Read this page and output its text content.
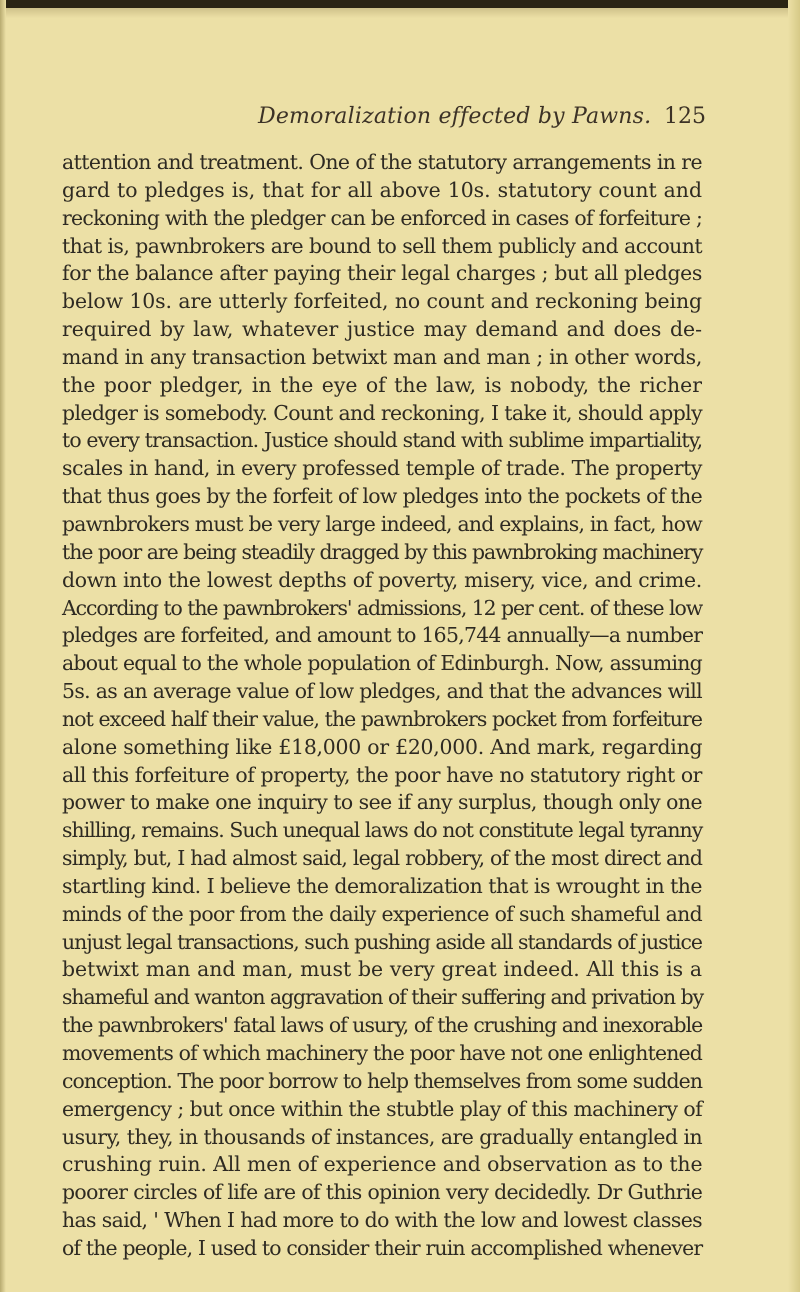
Demoralization effected by Pawns. 125
attention and treatment. One of the statutory arrangements in re
gard to pledges is, that for all above 10s. statutory count and
reckoning with the pledger can be enforced in cases of forfeiture ;
that is, pawnbrokers are bound to sell them publicly and account
for the balance after paying their legal charges ; but all pledges
below 10s. are utterly forfeited, no count and reckoning being
required by law, whatever justice may demand and does de-
mand in any transaction betwixt man and man ; in other words,
the poor pledger, in the eye of the law, is nobody, the richer
pledger is somebody. Count and reckoning, I take it, should apply
to every transaction. Justice should stand with sublime impartiality,
scales in hand, in every professed temple of trade. The property
that thus goes by the forfeit of low pledges into the pockets of the
pawnbrokers must be very large indeed, and explains, in fact, how
the poor are being steadily dragged by this pawnbroking machinery
down into the lowest depths of poverty, misery, vice, and crime.
According to the pawnbrokers' admissions, 12 per cent. of these low
pledges are forfeited, and amount to 165,744 annually—a number
about equal to the whole population of Edinburgh. Now, assuming
5s. as an average value of low pledges, and that the advances will
not exceed half their value, the pawnbrokers pocket from forfeiture
alone something like £18,000 or £20,000. And mark, regarding
all this forfeiture of property, the poor have no statutory right or
power to make one inquiry to see if any surplus, though only one
shilling, remains. Such unequal laws do not constitute legal tyranny
simply, but, I had almost said, legal robbery, of the most direct and
startling kind. I believe the demoralization that is wrought in the
minds of the poor from the daily experience of such shameful and
unjust legal transactions, such pushing aside all standards of justice
betwixt man and man, must be very great indeed. All this is a
shameful and wanton aggravation of their suffering and privation by
the pawnbrokers' fatal laws of usury, of the crushing and inexorable
movements of which machinery the poor have not one enlightened
conception. The poor borrow to help themselves from some sudden
emergency ; but once within the stubtle play of this machinery of
usury, they, in thousands of instances, are gradually entangled in
crushing ruin. All men of experience and observation as to the
poorer circles of life are of this opinion very decidedly. Dr Guthrie
has said, ' When I had more to do with the low and lowest classes
of the people, I used to consider their ruin accomplished whenever
